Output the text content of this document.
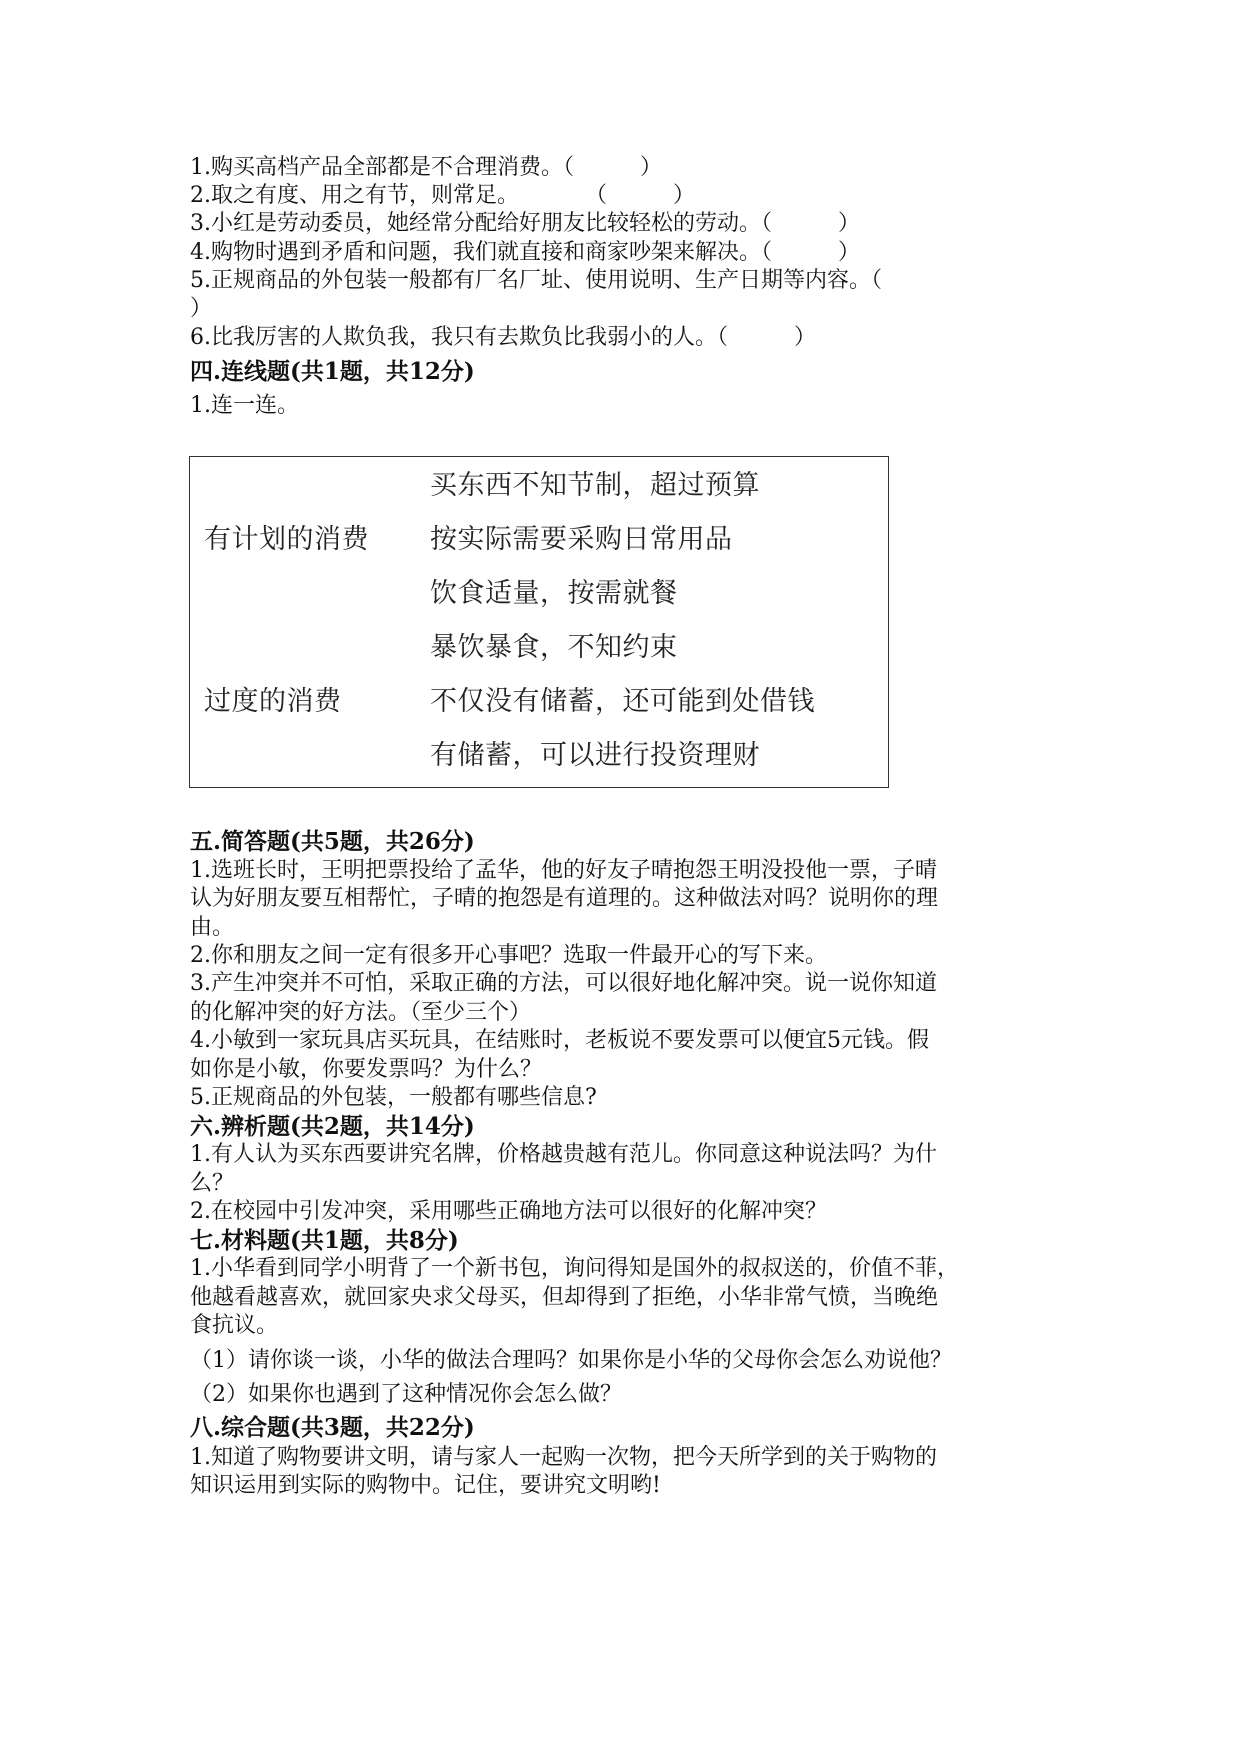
1.购买高档产品全部都是不合理消费。（　　　）
2.取之有度、用之有节，则常足。　　　　（　　　）
3.小红是劳动委员，她经常分配给好朋友比较轻松的劳动。（　　　）
4.购物时遇到矛盾和问题，我们就直接和商家吵架来解决。（　　　）
5.正规商品的外包装一般都有厂名厂址、使用说明、生产日期等内容。（
）
6.比我厉害的人欺负我，我只有去欺负比我弱小的人。（　　　）
四.连线题(共1题，共12分)
1.连一连。
买东西不知节制，超过预算
有计划的消费 按实际需要采购日常用品
饮食适量，按需就餐
暴饮暴食，不知约束
过度的消费	不仅没有储蓄，还可能到处借钱
有储蓄，可以进行投资理财
五.简答题(共5题，共26分)
1.选班长时，王明把票投给了孟华，他的好友子晴抱怨王明没投他一票，子晴
认为好朋友要互相帮忙，子晴的抱怨是有道理的。这种做法对吗？说明你的理
由。
2.你和朋友之间一定有很多开心事吧？选取一件最开心的写下来。
3.产生冲突并不可怕，采取正确的方法，可以很好地化解冲突。说一说你知道
的化解冲突的好方法。（至少三个）
4.小敏到一家玩具店买玩具，在结账时，老板说不要发票可以便宜5元钱。假
如你是小敏，你要发票吗？为什么？
5.正规商品的外包装，一般都有哪些信息?
六.辨析题(共2题，共14分)
1.有人认为买东西要讲究名牌，价格越贵越有范儿。你同意这种说法吗？为什
么？
2.在校园中引发冲突，采用哪些正确地方法可以很好的化解冲突？
七.材料题(共1题，共8分)
1.小华看到同学小明背了一个新书包，询问得知是国外的叔叔送的，价值不菲，
他越看越喜欢，就回家央求父母买，但却得到了拒绝，小华非常气愤，当晚绝
食抗议。
（1）请你谈一谈，小华的做法合理吗？如果你是小华的父母你会怎么劝说他？
（2）如果你也遇到了这种情况你会怎么做？
八.综合题(共3题，共22分)
1.知道了购物要讲文明，请与家人一起购一次物，把今天所学到的关于购物的
知识运用到实际的购物中。记住，要讲究文明哟!
